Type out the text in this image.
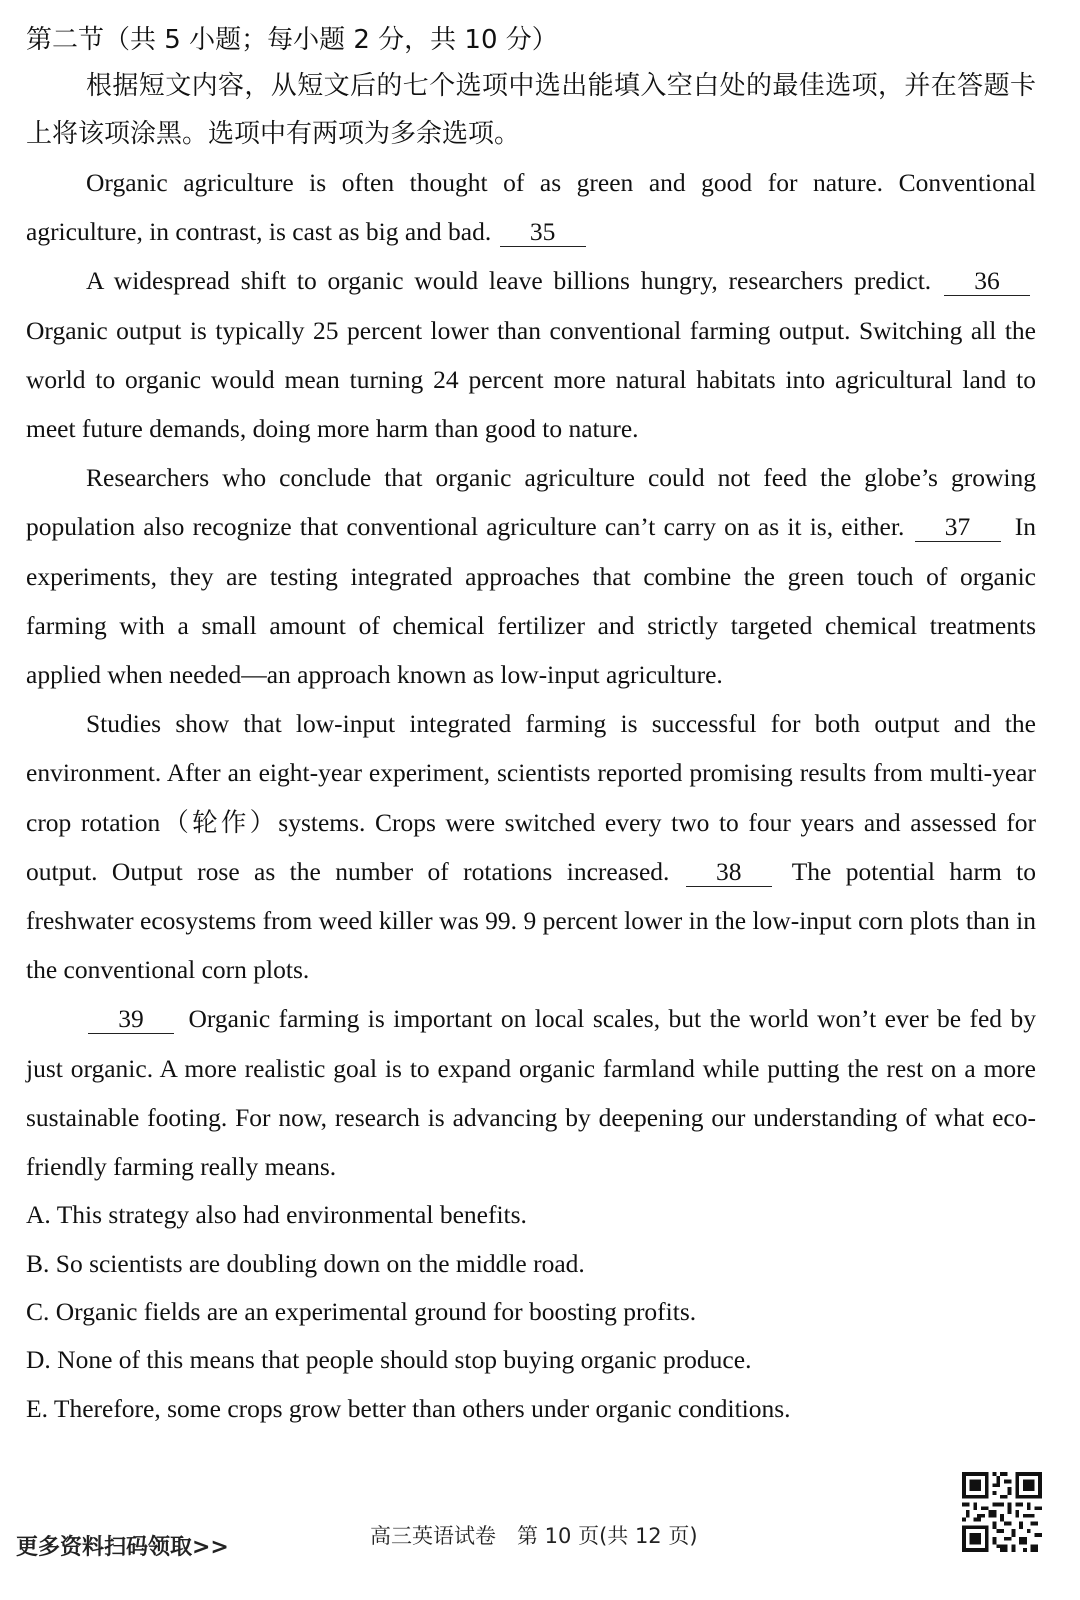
第二节（共 5 小题；每小题 2 分，共 10 分）

根据短文内容，从短文后的七个选项中选出能填入空白处的最佳选项，并在答题卡上将该项涂黑。选项中有两项为多余选项。

Organic agriculture is often thought of as green and good for nature. Conventional agriculture, in contrast, is cast as big and bad. 35

A widespread shift to organic would leave billions hungry, researchers predict. 36 Organic output is typically 25 percent lower than conventional farming output. Switching all the world to organic would mean turning 24 percent more natural habitats into agricultural land to meet future demands, doing more harm than good to nature.

Researchers who conclude that organic agriculture could not feed the globe’s growing population also recognize that conventional agriculture can’t carry on as it is, either. 37 In experiments, they are testing integrated approaches that combine the green touch of organic farming with a small amount of chemical fertilizer and strictly targeted chemical treatments applied when needed—an approach known as low-input agriculture.

Studies show that low-input integrated farming is successful for both output and the environment. After an eight-year experiment, scientists reported promising results from multi-year crop rotation（轮作）systems. Crops were switched every two to four years and assessed for output. Output rose as the number of rotations increased. 38 The potential harm to freshwater ecosystems from weed killer was 99. 9 percent lower in the low-input corn plots than in the conventional corn plots.

39 Organic farming is important on local scales, but the world won’t ever be fed by just organic. A more realistic goal is to expand organic farmland while putting the rest on a more sustainable footing. For now, research is advancing by deepening our understanding of what eco-friendly farming really means.

A. This strategy also had environmental benefits.
B. So scientists are doubling down on the middle road.
C. Organic fields are an experimental ground for boosting profits.
D. None of this means that people should stop buying organic produce.
E. Therefore, some crops grow better than others under organic conditions.
更多资料扫码领取>>	高三英语试卷　第 10 页(共 12 页)
